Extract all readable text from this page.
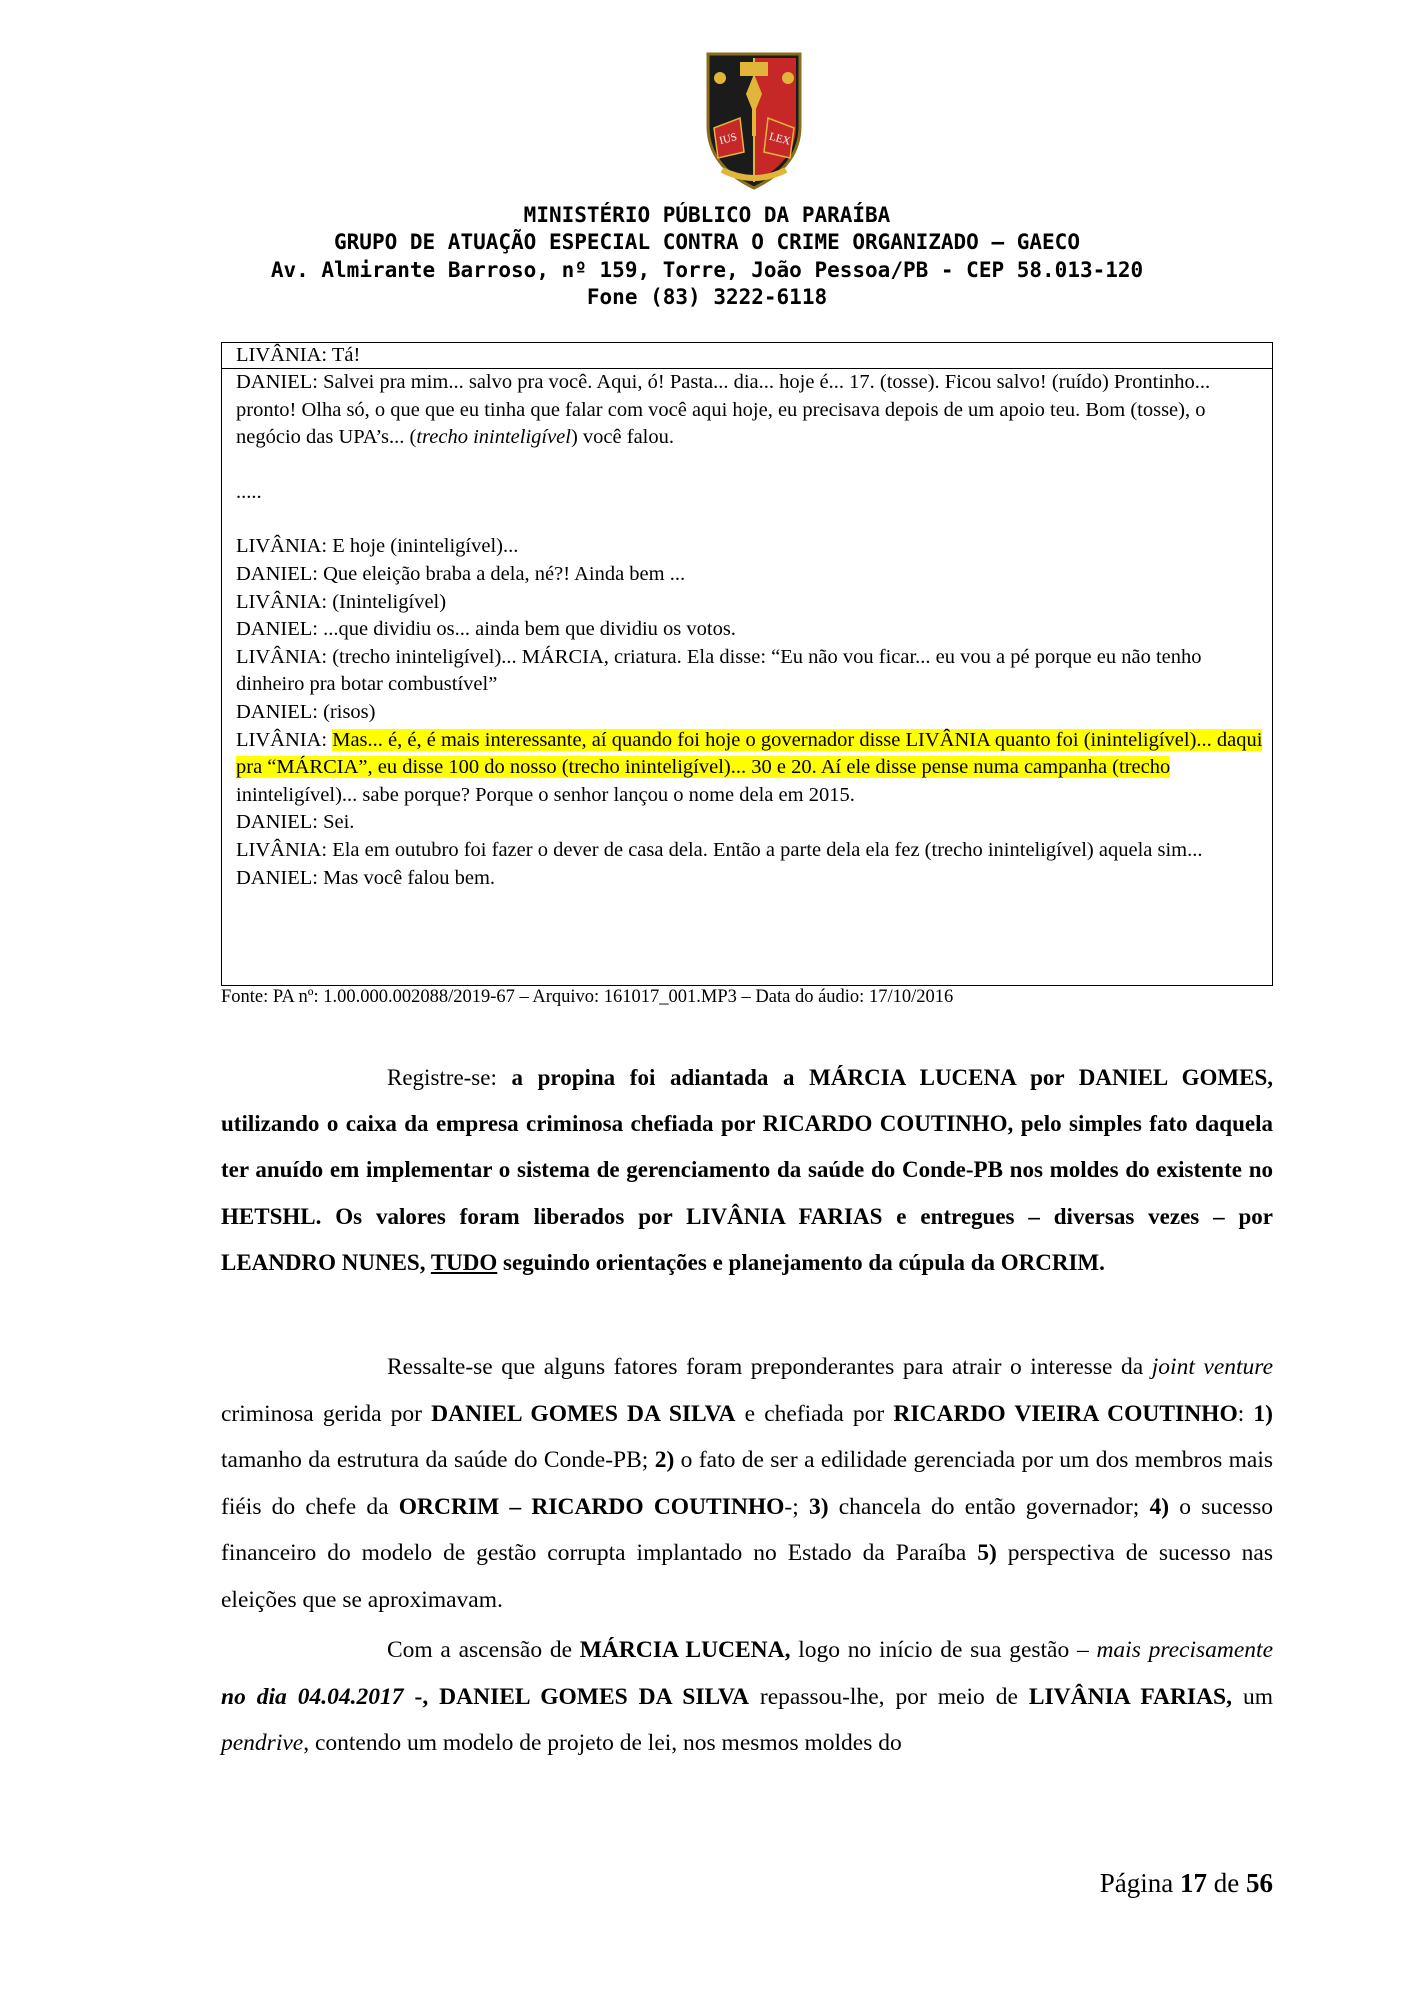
IUS	LEX
MINISTÉRIO PÚBLICO DA PARAÍBA
GRUPO DE ATUAÇÃO ESPECIAL CONTRA O CRIME ORGANIZADO – GAECO
Av. Almirante Barroso, nº 159, Torre, João Pessoa/PB - CEP 58.013-120
Fone (83) 3222-6118

LIVÂNIA: Tá!

DANIEL: Salvei pra mim... salvo pra você. Aqui, ó! Pasta... dia... hoje é... 17. (tosse). Ficou salvo! (ruído) Prontinho... pronto! Olha só, o que que eu tinha que falar com você aqui hoje, eu precisava depois de um apoio teu. Bom (tosse), o negócio das UPA’s... (trecho ininteligível) você falou.

.....

LIVÂNIA: E hoje (ininteligível)...

DANIEL: Que eleição braba a dela, né?! Ainda bem ...

LIVÂNIA: (Ininteligível)

DANIEL: ...que dividiu os... ainda bem que dividiu os votos.

LIVÂNIA: (trecho ininteligível)... MÁRCIA, criatura. Ela disse: “Eu não vou ficar... eu vou a pé porque eu não tenho dinheiro pra botar combustível”

DANIEL: (risos)

LIVÂNIA: Mas... é, é, é mais interessante, aí quando foi hoje o governador disse LIVÂNIA quanto foi (ininteligível)... daqui pra “MÁRCIA”, eu disse 100 do nosso (trecho ininteligível)... 30 e 20. Aí ele disse pense numa campanha (trecho ininteligível)... sabe porque? Porque o senhor lançou o nome dela em 2015.

DANIEL: Sei.

LIVÂNIA: Ela em outubro foi fazer o dever de casa dela. Então a parte dela ela fez (trecho ininteligível) aquela sim...

DANIEL: Mas você falou bem.

Fonte: PA nº: 1.00.000.002088/2019-67 – Arquivo: 161017_001.MP3 – Data do áudio: 17/10/2016

Registre-se: a propina foi adiantada a MÁRCIA LUCENA por DANIEL GOMES, utilizando o caixa da empresa criminosa chefiada por RICARDO COUTINHO, pelo simples fato daquela ter anuído em implementar o sistema de gerenciamento da saúde do Conde-PB nos moldes do existente no HETSHL. Os valores foram liberados por LIVÂNIA FARIAS e entregues – diversas vezes – por LEANDRO NUNES, TUDO seguindo orientações e planejamento da cúpula da ORCRIM.

Ressalte-se que alguns fatores foram preponderantes para atrair o interesse da joint venture criminosa gerida por DANIEL GOMES DA SILVA e chefiada por RICARDO VIEIRA COUTINHO: 1) tamanho da estrutura da saúde do Conde-PB; 2) o fato de ser a edilidade gerenciada por um dos membros mais fiéis do chefe da ORCRIM – RICARDO COUTINHO-; 3) chancela do então governador; 4) o sucesso financeiro do modelo de gestão corrupta implantado no Estado da Paraíba 5) perspectiva de sucesso nas eleições que se aproximavam.

Com a ascensão de MÁRCIA LUCENA, logo no início de sua gestão – mais precisamente no dia 04.04.2017 -, DANIEL GOMES DA SILVA repassou-lhe, por meio de LIVÂNIA FARIAS, um pendrive, contendo um modelo de projeto de lei, nos mesmos moldes do

Página 17 de 56
